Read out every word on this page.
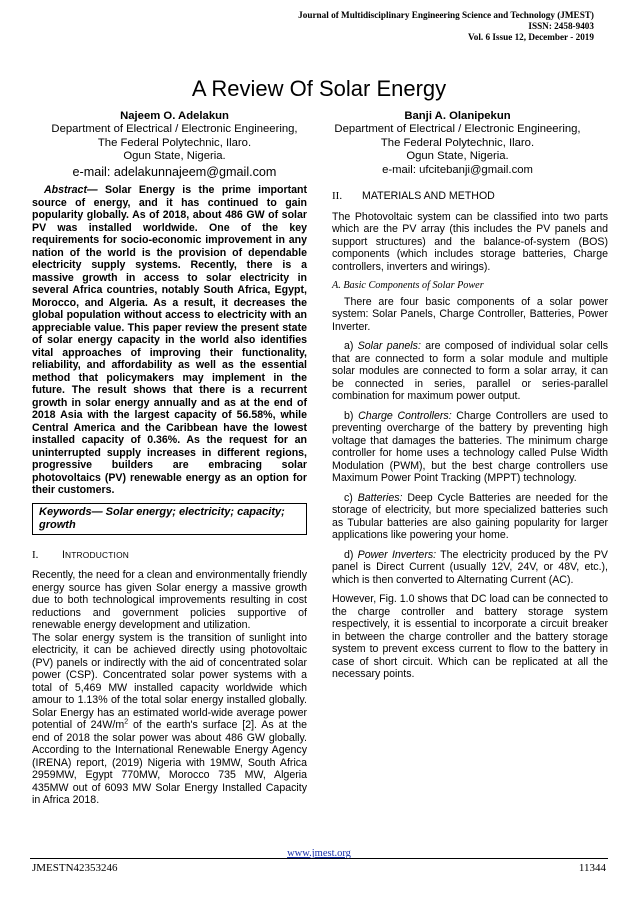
Journal of Multidisciplinary Engineering Science and Technology (JMEST)
ISSN: 2458-9403
Vol. 6 Issue 12, December - 2019
A Review Of Solar Energy
Najeem O. Adelakun
Department of Electrical / Electronic Engineering,
The Federal Polytechnic, Ilaro.
Ogun State, Nigeria.
e-mail: adelakunnajeem@gmail.com
Banji A. Olanipekun
Department of Electrical / Electronic Engineering,
The Federal Polytechnic, Ilaro.
Ogun State, Nigeria.
e-mail: ufcitebanji@gmail.com

Abstract— Solar Energy is the prime important source of energy, and it has continued to gain popularity globally. As of 2018, about 486 GW of solar PV was installed worldwide. One of the key requirements for socio-economic improvement in any nation of the world is the provision of dependable electricity supply systems. Recently, there is a massive growth in access to solar electricity in several Africa countries, notably South Africa, Egypt, Morocco, and Algeria. As a result, it decreases the global population without access to electricity with an appreciable value. This paper review the present state of solar energy capacity in the world also identifies vital approaches of improving their functionality, reliability, and affordability as well as the essential method that policymakers may implement in the future. The result shows that there is a recurrent growth in solar energy annually and as at the end of 2018 Asia with the largest capacity of 56.58%, while Central America and the Caribbean have the lowest installed capacity of 0.36%. As the request for an uninterrupted supply increases in different regions, progressive builders are embracing solar photovoltaics (PV) renewable energy as an option for their customers.

Keywords— Solar energy; electricity; capacity; growth

I. INTRODUCTION

Recently, the need for a clean and environmentally friendly energy source has given Solar energy a massive growth due to both technological improvements resulting in cost reductions and government policies supportive of renewable energy development and utilization.

The solar energy system is the transition of sunlight into electricity, it can be achieved directly using photovoltaic (PV) panels or indirectly with the aid of concentrated solar power (CSP). Concentrated solar power systems with a total of 5,469 MW installed capacity worldwide which amour to 1.13% of the total solar energy installed globally. Solar Energy has an estimated world-wide average power potential of $24W/m^2$ of the earth's surface [2]. As at the end of 2018 the solar power was about 486 GW globally. According to the International Renewable Energy Agency (IRENA) report, (2019) Nigeria with 19MW, South Africa 2959MW, Egypt 770MW, Morocco 735 MW, Algeria 435MW out of 6093 MW Solar Energy Installed Capacity in Africa 2018.

II. MATERIALS AND METHOD

The Photovoltaic system can be classified into two parts which are the PV array (this includes the PV panels and support structures) and the balance-of-system (BOS) components (which includes storage batteries, Charge controllers, inverters and wirings).

A. Basic Components of Solar Power

There are four basic components of a solar power system: Solar Panels, Charge Controller, Batteries, Power Inverter.

a) Solar panels: are composed of individual solar cells that are connected to form a solar module and multiple solar modules are connected to form a solar array, it can be connected in series, parallel or series-parallel combination for maximum power output.

b) Charge Controllers: Charge Controllers are used to preventing overcharge of the battery by preventing high voltage that damages the batteries. The minimum charge controller for home uses a technology called Pulse Width Modulation (PWM), but the best charge controllers use Maximum Power Point Tracking (MPPT) technology.

c) Batteries: Deep Cycle Batteries are needed for the storage of electricity, but more specialized batteries such as Tubular batteries are also gaining popularity for larger applications like powering your home.

d) Power Inverters: The electricity produced by the PV panel is Direct Current (usually 12V, 24V, or 48V, etc.), which is then converted to Alternating Current (AC).

However, Fig. 1.0 shows that DC load can be connected to the charge controller and battery storage system respectively, it is essential to incorporate a circuit breaker in between the charge controller and the battery storage system to prevent excess current to flow to the battery in case of short circuit. Which can be replicated at all the necessary points.

www.jmest.org
JMESTN42353246	11344
